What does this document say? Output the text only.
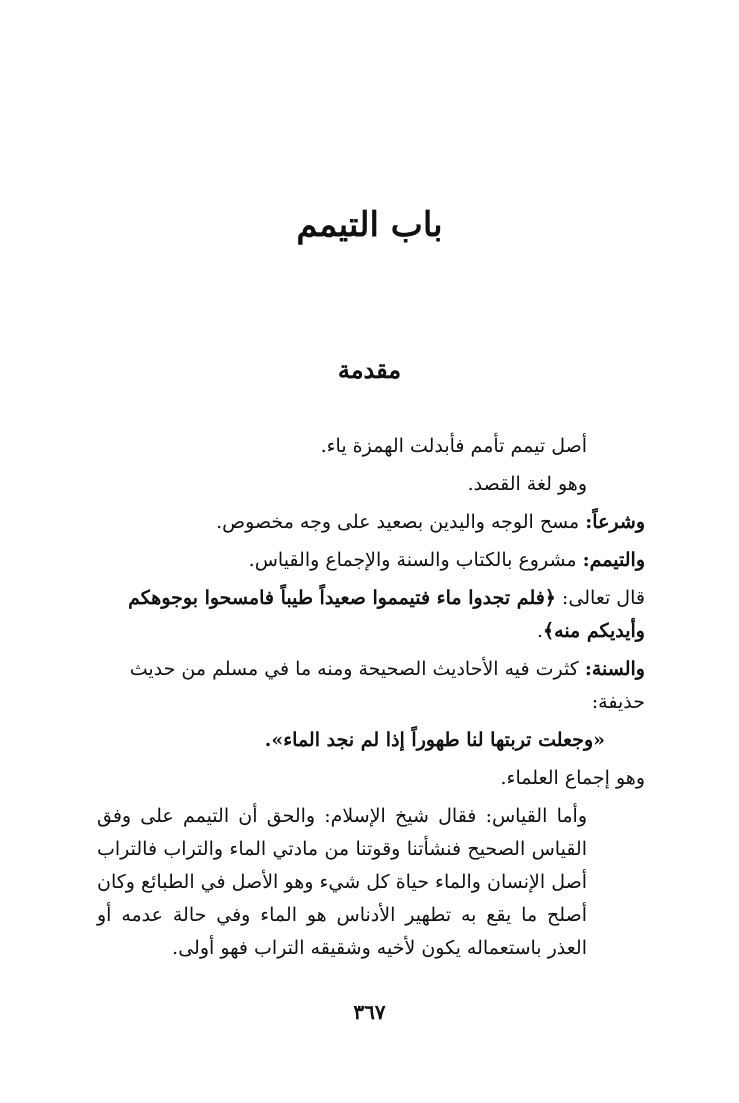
باب التيمم
مقدمة

أصل تيمم تأمم فأبدلت الهمزة ياء.

وهو لغة القصد.

وشرعاً: مسح الوجه واليدين بصعيد على وجه مخصوص.

والتيمم: مشروع بالكتاب والسنة والإجماع والقياس.

قال تعالى: ﴿فلم تجدوا ماء فتيمموا صعيداً طيباً فامسحوا بوجوهكم وأيديكم منه﴾.

والسنة: كثرت فيه الأحاديث الصحيحة ومنه ما في مسلم من حديث حذيفة:

«وجعلت تربتها لنا طهوراً إذا لم نجد الماء».

وهو إجماع العلماء.

وأما القياس: فقال شيخ الإسلام: والحق أن التيمم على وفق القياس الصحيح فنشأتنا وقوتنا من مادتي الماء والتراب فالتراب أصل الإنسان والماء حياة كل شيء وهو الأصل في الطبائع وكان أصلح ما يقع به تطهير الأدناس هو الماء وفي حالة عدمه أو العذر باستعماله يكون لأخيه وشقيقه التراب فهو أولى.

٣٦٧
